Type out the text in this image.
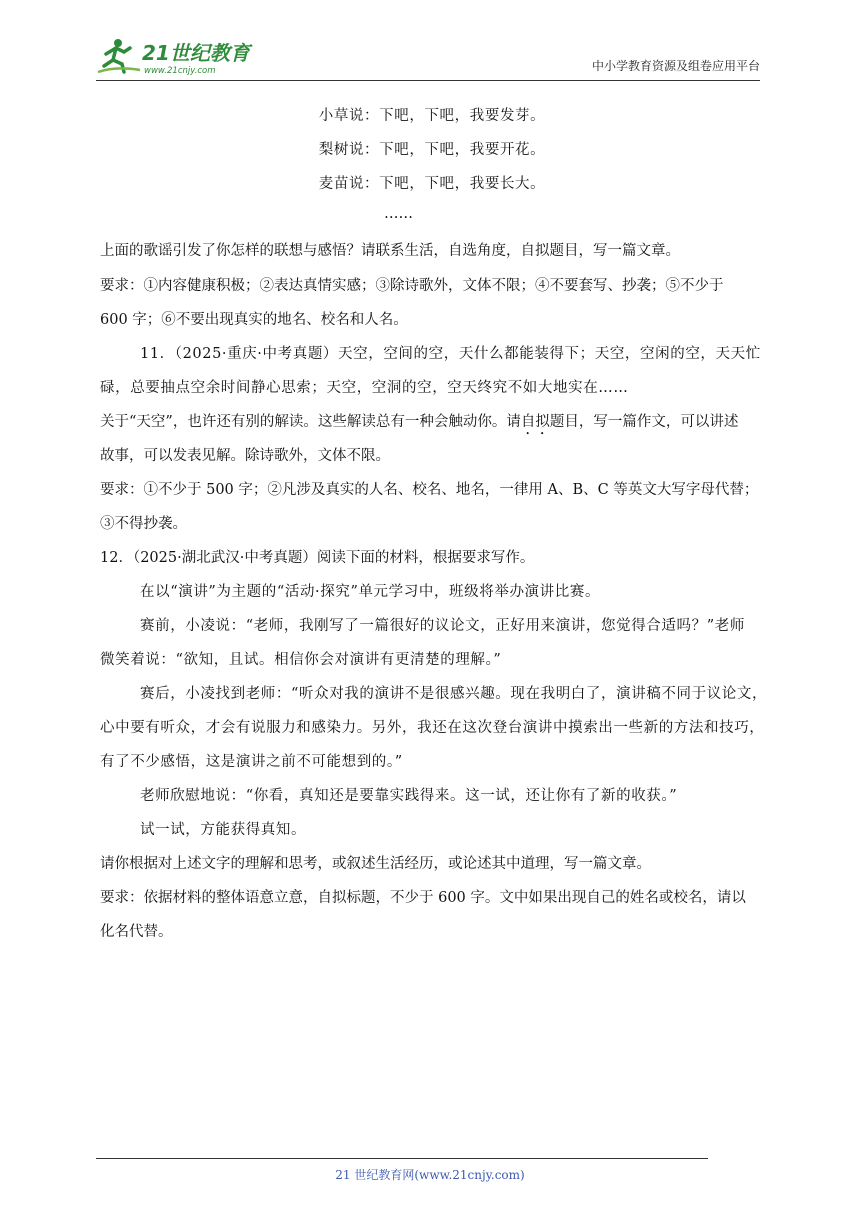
21世纪教育
www.21cnjy.com	中小学教育资源及组卷应用平台
小草说：下吧，下吧，我要发芽。
梨树说：下吧，下吧，我要开花。
麦苗说：下吧，下吧，我要长大。
……
上面的歌谣引发了你怎样的联想与感悟？请联系生活，自选角度，自拟题目，写一篇文章。
要求：①内容健康积极；②表达真情实感；③除诗歌外，文体不限；④不要套写、抄袭；⑤不少于
600 字；⑥不要出现真实的地名、校名和人名。
11．（2025·重庆·中考真题）天空，空间的空，天什么都能装得下；天空，空闲的空，天天忙
碌，总要抽点空余时间静心思索；天空，空洞的空，空天终究不如大地实在……
关于“天空”，也许还有别的解读。这些解读总有一种会触动你。请自拟题目，写一篇作文，可以讲述
故事，可以发表见解。除诗歌外，文体不限。
要求：①不少于 500 字；②凡涉及真实的人名、校名、地名，一律用 A、B、C 等英文大写字母代替；
③不得抄袭。
12．（2025·湖北武汉·中考真题）阅读下面的材料，根据要求写作。
在以“演讲”为主题的“活动·探究”单元学习中，班级将举办演讲比赛。
赛前，小凌说：“老师，我刚写了一篇很好的议论文，正好用来演讲，您觉得合适吗？”老师
微笑着说：“欲知，且试。相信你会对演讲有更清楚的理解。”
赛后，小凌找到老师：“听众对我的演讲不是很感兴趣。现在我明白了，演讲稿不同于议论文，
心中要有听众，才会有说服力和感染力。另外，我还在这次登台演讲中摸索出一些新的方法和技巧，
有了不少感悟，这是演讲之前不可能想到的。”
老师欣慰地说：“你看，真知还是要靠实践得来。这一试，还让你有了新的收获。”
试一试，方能获得真知。
请你根据对上述文字的理解和思考，或叙述生活经历，或论述其中道理，写一篇文章。
要求：依据材料的整体语意立意，自拟标题，不少于 600 字。文中如果出现自己的姓名或校名，请以
化名代替。
21 世纪教育网(www.21cnjy.com)
